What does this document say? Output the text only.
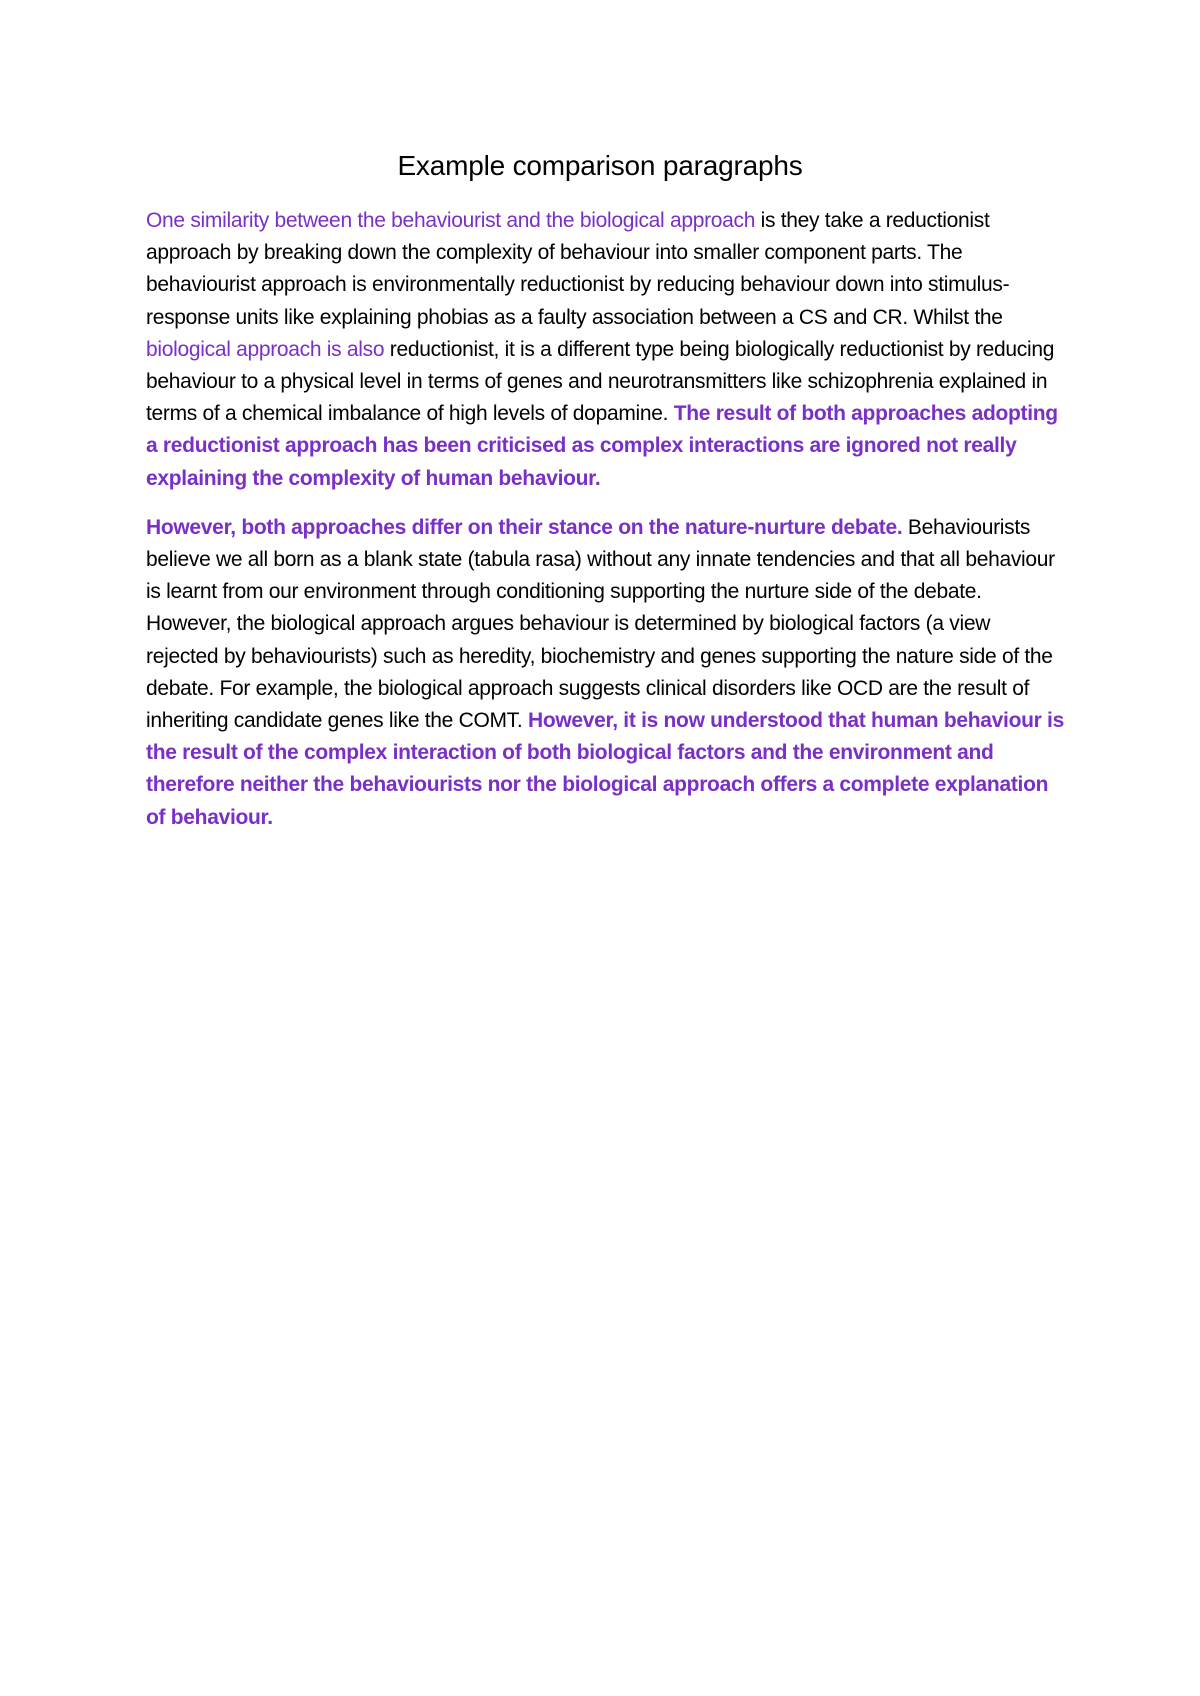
Example comparison paragraphs

One similarity between the behaviourist and the biological approach is they take a reductionist approach by breaking down the complexity of behaviour into smaller component parts. The behaviourist approach is environmentally reductionist by reducing behaviour down into stimulus-response units like explaining phobias as a faulty association between a CS and CR. Whilst the biological approach is also reductionist, it is a different type being biologically reductionist by reducing behaviour to a physical level in terms of genes and neurotransmitters like schizophrenia explained in terms of a chemical imbalance of high levels of dopamine. The result of both approaches adopting a reductionist approach has been criticised as complex interactions are ignored not really explaining the complexity of human behaviour.

However, both approaches differ on their stance on the nature-nurture debate. Behaviourists believe we all born as a blank state (tabula rasa) without any innate tendencies and that all behaviour is learnt from our environment through conditioning supporting the nurture side of the debate. However, the biological approach argues behaviour is determined by biological factors (a view rejected by behaviourists) such as heredity, biochemistry and genes supporting the nature side of the debate. For example, the biological approach suggests clinical disorders like OCD are the result of inheriting candidate genes like the COMT. However, it is now understood that human behaviour is the result of the complex interaction of both biological factors and the environment and therefore neither the behaviourists nor the biological approach offers a complete explanation of behaviour.
